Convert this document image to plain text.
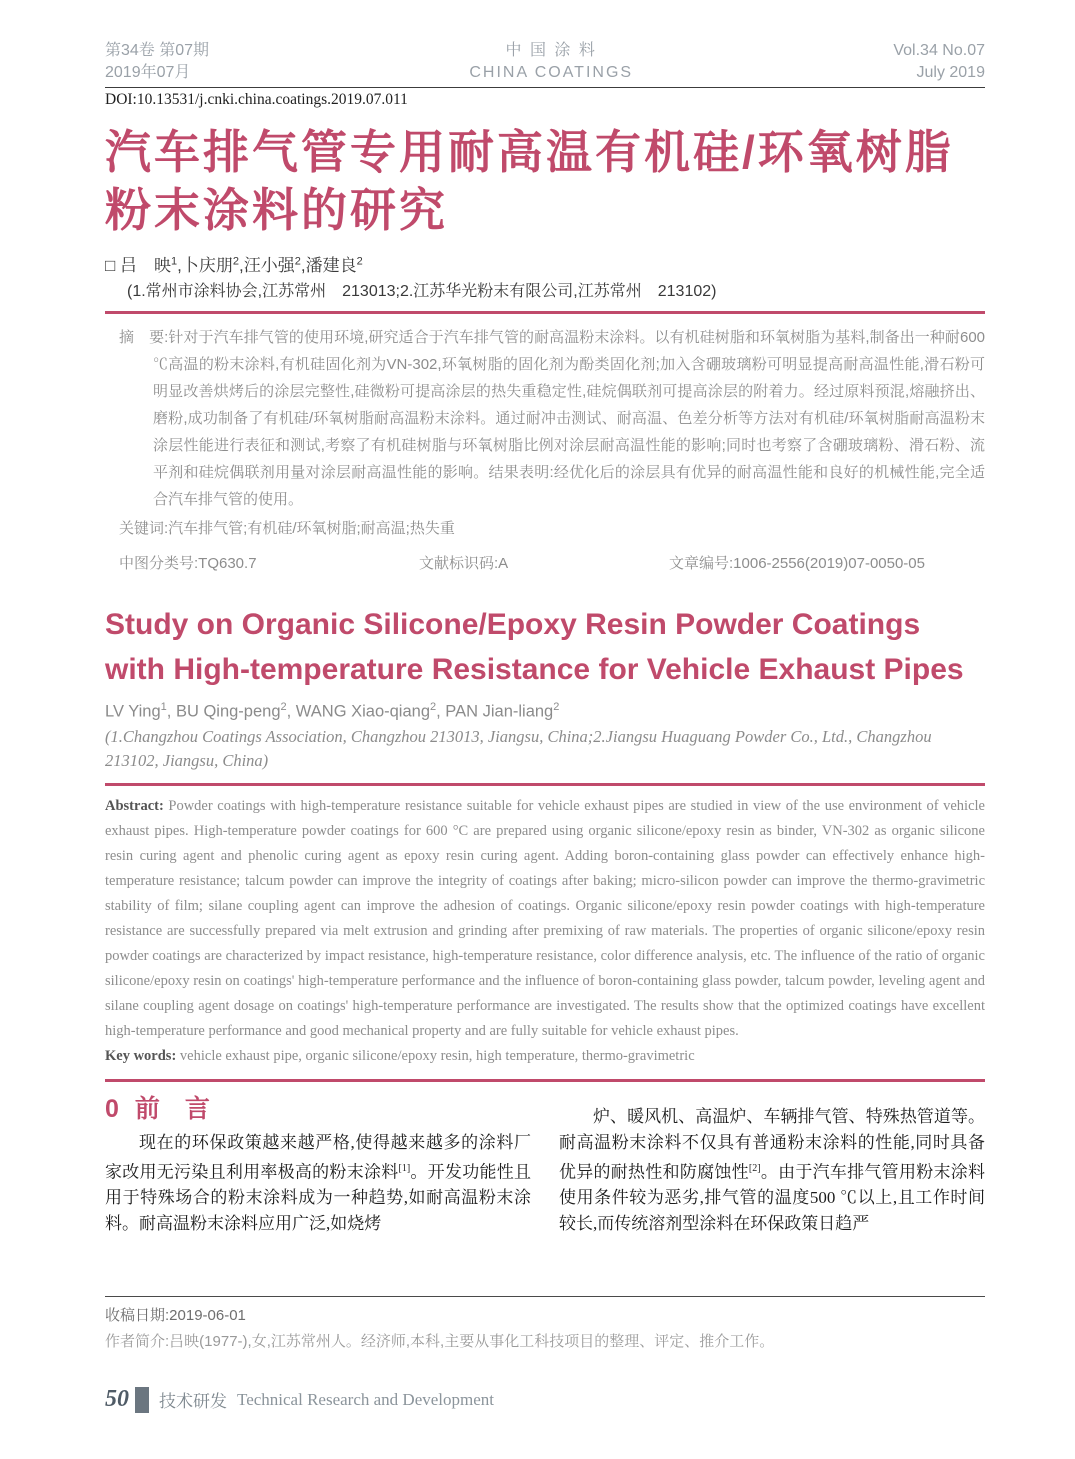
第34卷 第07期
2019年07月
中 国 涂 料
CHINA COATINGS
Vol.34 No.07
July 2019
DOI:10.13531/j.cnki.china.coatings.2019.07.011
汽车排气管专用耐高温有机硅/环氧树脂
粉末涂料的研究
□ 吕　映$^1$,卜庆朋$^2$,汪小强$^2$,潘建良$^2$
(1.常州市涂料协会,江苏常州　213013;2.江苏华光粉末有限公司,江苏常州　213102)
摘　要:针对于汽车排气管的使用环境,研究适合于汽车排气管的耐高温粉末涂料。以有机硅树脂和环氧树脂为基料,制备出一种耐600 ℃高温的粉末涂料,有机硅固化剂为VN-302,环氧树脂的固化剂为酚类固化剂;加入含硼玻璃粉可明显提高耐高温性能,滑石粉可明显改善烘烤后的涂层完整性,硅微粉可提高涂层的热失重稳定性,硅烷偶联剂可提高涂层的附着力。经过原料预混,熔融挤出、磨粉,成功制备了有机硅/环氧树脂耐高温粉末涂料。通过耐冲击测试、耐高温、色差分析等方法对有机硅/环氧树脂耐高温粉末涂层性能进行表征和测试,考察了有机硅树脂与环氧树脂比例对涂层耐高温性能的影响;同时也考察了含硼玻璃粉、滑石粉、流平剂和硅烷偶联剂用量对涂层耐高温性能的影响。结果表明:经优化后的涂层具有优异的耐高温性能和良好的机械性能,完全适合汽车排气管的使用。
关键词:汽车排气管;有机硅/环氧树脂;耐高温;热失重
中图分类号:TQ630.7	文献标识码:A	文章编号:1006-2556(2019)07-0050-05
Study on Organic Silicone/Epoxy Resin Powder Coatings
with High-temperature Resistance for Vehicle Exhaust Pipes
LV Ying$^1$, BU Qing-peng$^2$, WANG Xiao-qiang$^2$, PAN Jian-liang$^2$
(1.Changzhou Coatings Association, Changzhou 213013, Jiangsu, China;2.Jiangsu Huaguang Powder Co., Ltd., Changzhou 213102, Jiangsu, China)
Abstract: Powder coatings with high-temperature resistance suitable for vehicle exhaust pipes are studied in view of the use environment of vehicle exhaust pipes. High-temperature powder coatings for 600 °C are prepared using organic silicone/epoxy resin as binder, VN-302 as organic silicone resin curing agent and phenolic curing agent as epoxy resin curing agent. Adding boron-containing glass powder can effectively enhance high-temperature resistance; talcum powder can improve the integrity of coatings after baking; micro-silicon powder can improve the thermo-gravimetric stability of film; silane coupling agent can improve the adhesion of coatings. Organic silicone/epoxy resin powder coatings with high-temperature resistance are successfully prepared via melt extrusion and grinding after premixing of raw materials. The properties of organic silicone/epoxy resin powder coatings are characterized by impact resistance, high-temperature resistance, color difference analysis, etc. The influence of the ratio of organic silicone/epoxy resin on coatings' high-temperature performance and the influence of boron-containing glass powder, talcum powder, leveling agent and silane coupling agent dosage on coatings' high-temperature performance are investigated. The results show that the optimized coatings have excellent high-temperature performance and good mechanical property and are fully suitable for vehicle exhaust pipes.
Key words: vehicle exhaust pipe, organic silicone/epoxy resin, high temperature, thermo-gravimetric
0 前　言

现在的环保政策越来越严格,使得越来越多的涂料厂家改用无污染且利用率极高的粉末涂料[1]。开发功能性且用于特殊场合的粉末涂料成为一种趋势,如耐高温粉末涂料。耐高温粉末涂料应用广泛,如烧烤

炉、暖风机、高温炉、车辆排气管、特殊热管道等。耐高温粉末涂料不仅具有普通粉末涂料的性能,同时具备优异的耐热性和防腐蚀性[2]。由于汽车排气管用粉末涂料使用条件较为恶劣,排气管的温度500 ℃以上,且工作时间较长,而传统溶剂型涂料在环保政策日趋严

收稿日期:2019-06-01
作者简介:吕映(1977-),女,江苏常州人。经济师,本科,主要从事化工科技项目的整理、评定、推介工作。
50 技术研发 Technical Research and Development
